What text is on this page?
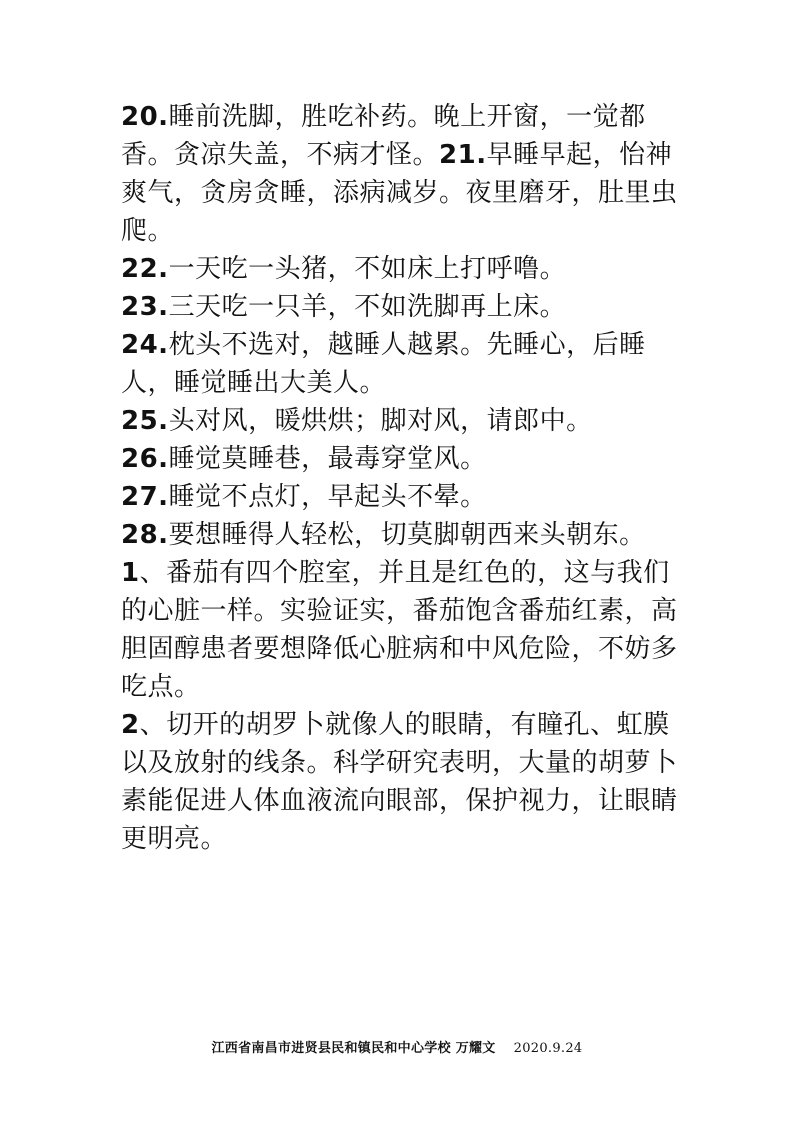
20.睡前洗脚，胜吃补药。晚上开窗，一觉都香。贪凉失盖，不病才怪。21.早睡早起，怡神爽气，贪房贪睡，添病减岁。夜里磨牙，肚里虫爬。

22.一天吃一头猪，不如床上打呼噜。

23.三天吃一只羊，不如洗脚再上床。

24.枕头不选对，越睡人越累。先睡心，后睡人，睡觉睡出大美人。

25.头对风，暖烘烘；脚对风，请郎中。

26.睡觉莫睡巷，最毒穿堂风。

27.睡觉不点灯，早起头不晕。

28.要想睡得人轻松，切莫脚朝西来头朝东。

1、番茄有四个腔室，并且是红色的，这与我们的心脏一样。实验证实，番茄饱含番茄红素，高胆固醇患者要想降低心脏病和中风危险，不妨多吃点。

2、切开的胡罗卜就像人的眼睛，有瞳孔、虹膜以及放射的线条。科学研究表明，大量的胡萝卜素能促进人体血液流向眼部，保护视力，让眼睛更明亮。

江西省南昌市进贤县民和镇民和中心学校 万耀文 2020.9.24
